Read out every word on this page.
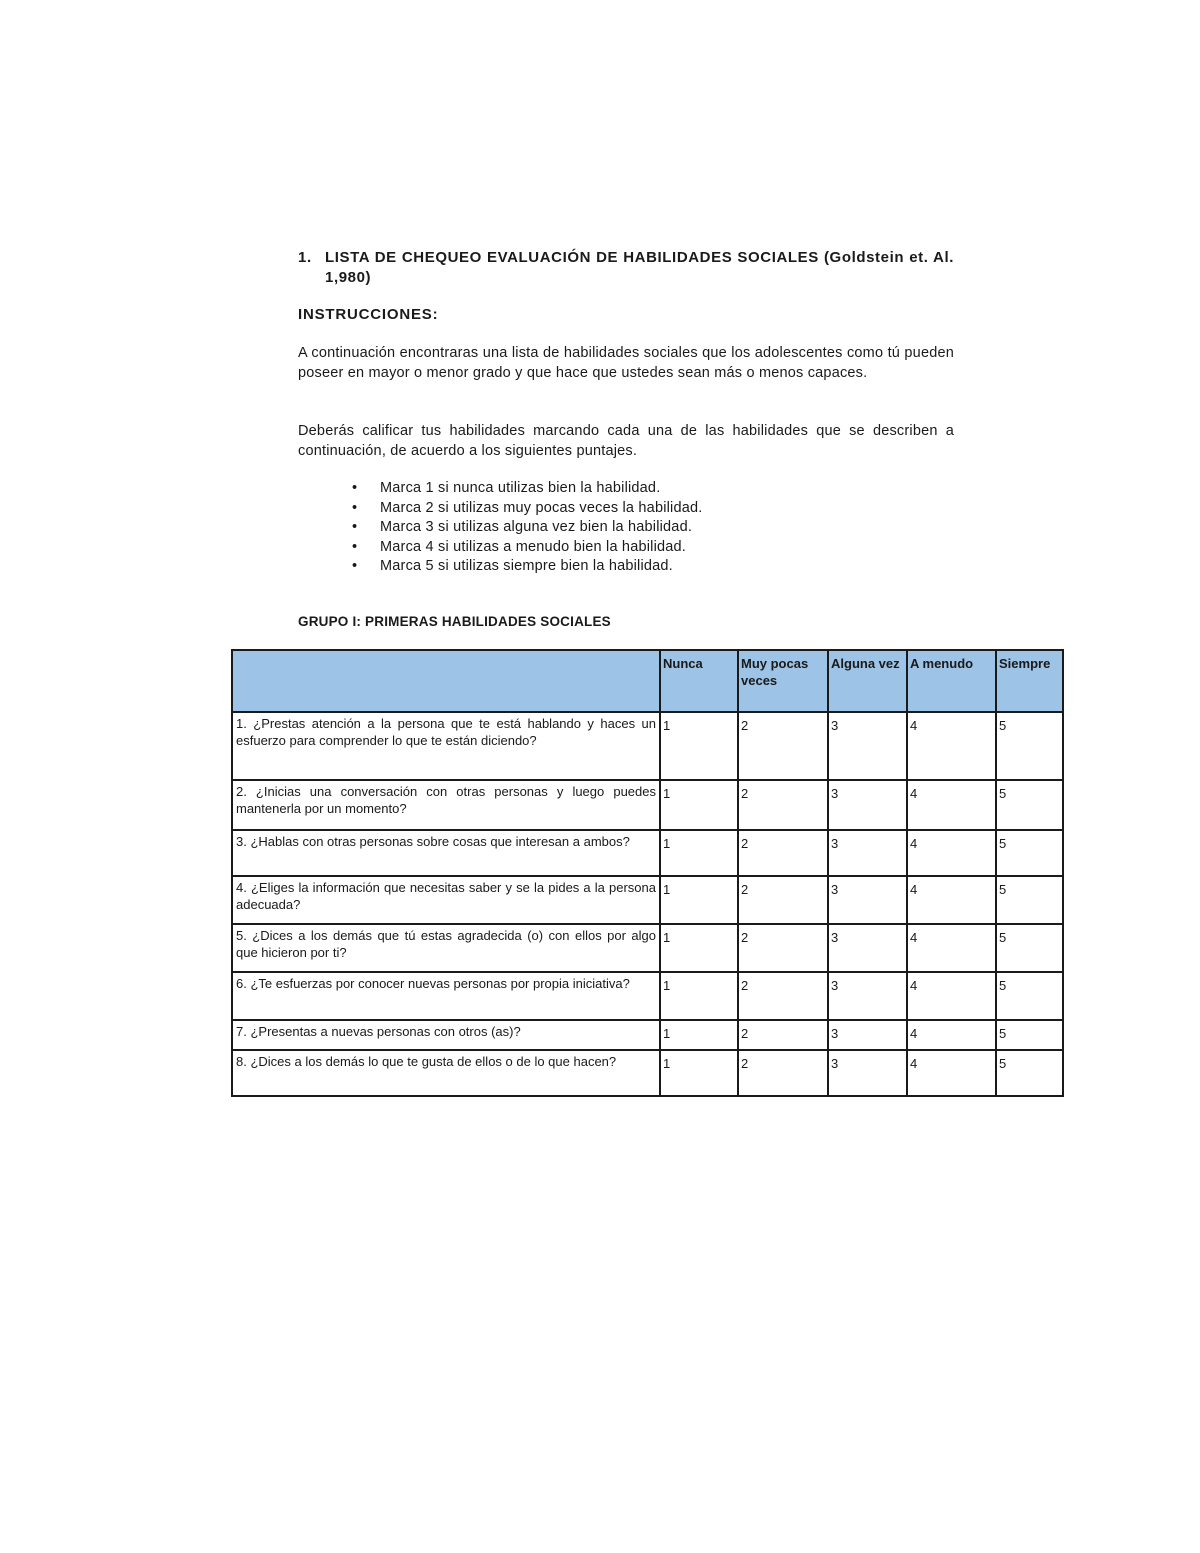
1. LISTA DE CHEQUEO EVALUACIÓN DE HABILIDADES SOCIALES (Goldstein et. Al. 1,980)
INSTRUCCIONES:
A continuación encontraras una lista de habilidades sociales que los adolescentes como tú pueden poseer en mayor o menor grado y que hace que ustedes sean más o menos capaces.
Deberás calificar tus habilidades marcando cada una de las habilidades que se describen a continuación, de acuerdo a los siguientes puntajes.
• Marca 1 si nunca utilizas bien la habilidad.
• Marca 2 si utilizas muy pocas veces la habilidad.
• Marca 3 si utilizas alguna vez bien la habilidad.
• Marca 4 si utilizas a menudo bien la habilidad.
• Marca 5 si utilizas siempre bien la habilidad.
GRUPO I: PRIMERAS HABILIDADES SOCIALES
	Nunca	Muy pocas veces	Alguna vez	A menudo	Siempre
1. ¿Prestas atención a la persona que te está hablando y haces un esfuerzo para comprender lo que te están diciendo?	1	2	3	4	5
2. ¿Inicias una conversación con otras personas y luego puedes mantenerla por un momento?	1	2	3	4	5
3. ¿Hablas con otras personas sobre cosas que interesan a ambos?	1	2	3	4	5
4. ¿Eliges la información que necesitas saber y se la pides a la persona adecuada?	1	2	3	4	5
5. ¿Dices a los demás que tú estas agradecida (o) con ellos por algo que hicieron por ti?	1	2	3	4	5
6. ¿Te esfuerzas por conocer nuevas personas por propia iniciativa?	1	2	3	4	5
7. ¿Presentas a nuevas personas con otros (as)?	1	2	3	4	5
8. ¿Dices a los demás lo que te gusta de ellos o de lo que hacen?	1	2	3	4	5
